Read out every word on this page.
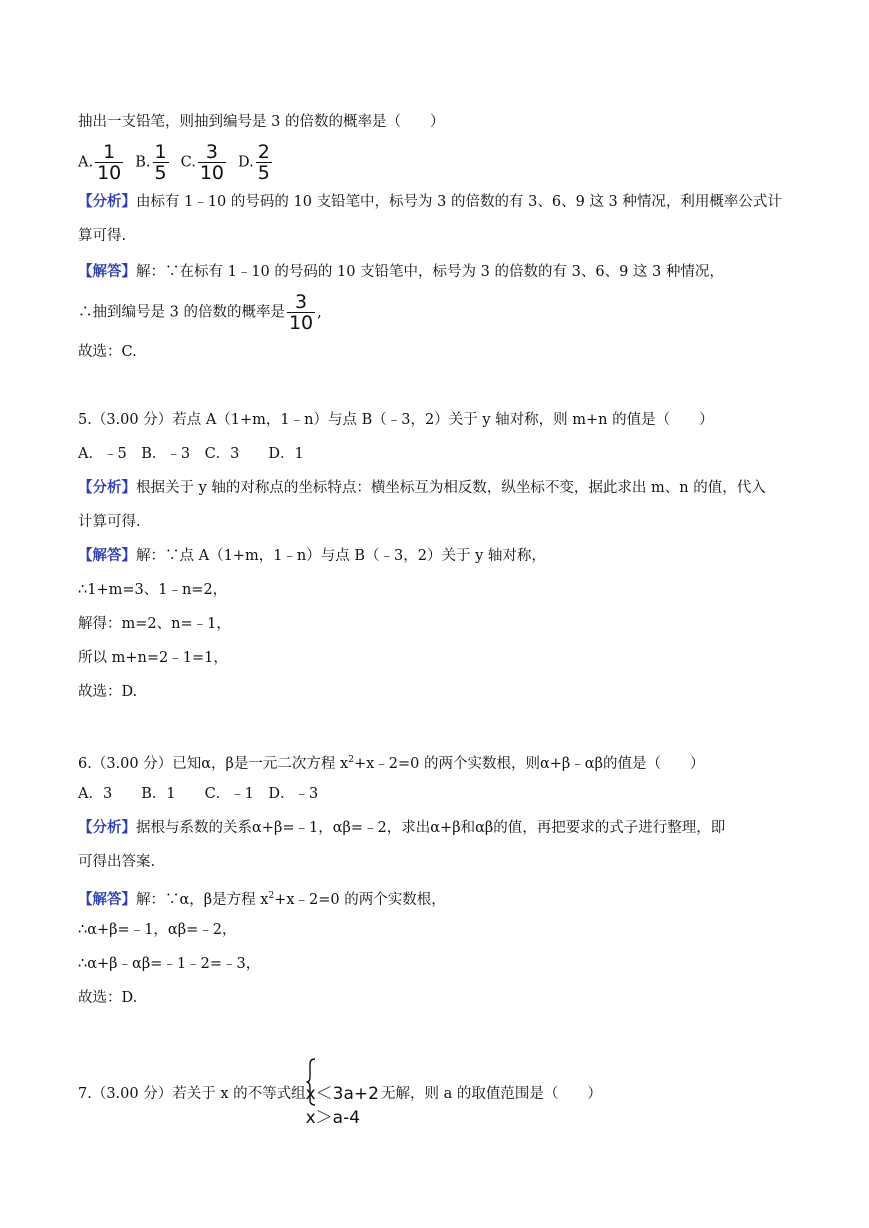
抽出一支铅笔，则抽到编号是 3 的倍数的概率是（　　）
A. $\frac{1}{10} B$. $\frac{1}{5} C$. $\frac{3}{10} D$. $\frac{2}{5}$
【分析】由标有 1﹣10 的号码的 10 支铅笔中，标号为 3 的倍数的有 3、6、9 这 3 种情况，利用概率公式计
算可得.
【解答】解：∵在标有 1﹣10 的号码的 10 支铅笔中，标号为 3 的倍数的有 3、6、9 这 3 种情况，
∴抽到编号是 3 的倍数的概率是 $\frac{3}{10}$ ,
故选：C.
5.（3.00 分）若点 A（1+m，1﹣n）与点 B（﹣3，2）关于 y 轴对称，则 m+n 的值是（　　）
A．﹣5　B．﹣3　C．3　　D．1
【分析】根据关于 y 轴的对称点的坐标特点：横坐标互为相反数，纵坐标不变，据此求出 m、n 的值，代入
计算可得.
【解答】解：∵点 A（1+m，1﹣n）与点 B（﹣3，2）关于 y 轴对称，
∴1+m=3、1﹣n=2，
解得：m=2、n=﹣1，
所以 m+n=2﹣1=1，
故选：D.
6.（3.00 分）已知α，β是一元二次方程 $x^2+x﹣2=0$ 的两个实数根，则α+β﹣αβ的值是（　　）
A．3　　B．1　　C．﹣1　D．﹣3
【分析】据根与系数的关系α+β=﹣1，αβ=﹣2，求出α+β和αβ的值，再把要求的式子进行整理，即
可得出答案.
【解答】解：∵α，β是方程 $x^2+x﹣2=0$ 的两个实数根，
∴α+β=﹣1，αβ=﹣2，
∴α+β﹣αβ=﹣1﹣2=﹣3，
故选：D.
7.（3.00 分）若关于 x 的不等式组 x＜3a+2
x＞a-4
无解，则 a 的取值范围是（　　）
